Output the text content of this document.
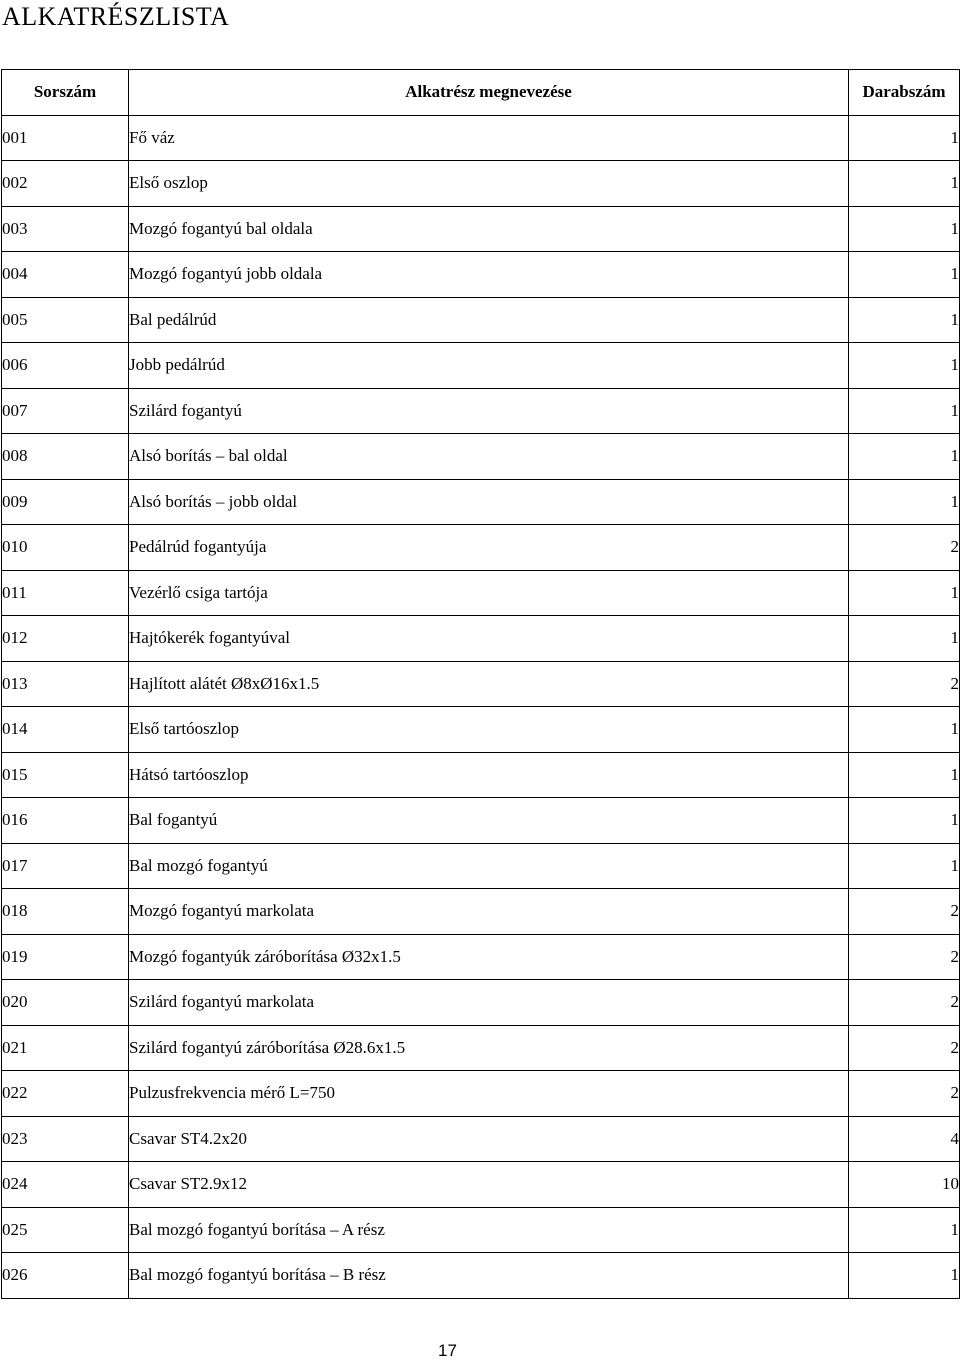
ALKATRÉSZLISTA
Sorszám	Alkatrész megnevezése	Darabszám
001	Fő váz	1
002	Első oszlop	1
003	Mozgó fogantyú bal oldala	1
004	Mozgó fogantyú jobb oldala	1
005	Bal pedálrúd	1
006	Jobb pedálrúd	1
007	Szilárd fogantyú	1
008	Alsó borítás – bal oldal	1
009	Alsó borítás – jobb oldal	1
010	Pedálrúd fogantyúja	2
011	Vezérlő csiga tartója	1
012	Hajtókerék fogantyúval	1
013	Hajlított alátét Ø8xØ16x1.5	2
014	Első tartóoszlop	1
015	Hátsó tartóoszlop	1
016	Bal fogantyú	1
017	Bal mozgó fogantyú	1
018	Mozgó fogantyú markolata	2
019	Mozgó fogantyúk záróborítása Ø32x1.5	2
020	Szilárd fogantyú markolata	2
021	Szilárd fogantyú záróborítása Ø28.6x1.5	2
022	Pulzusfrekvencia mérő L=750	2
023	Csavar ST4.2x20	4
024	Csavar ST2.9x12	10
025	Bal mozgó fogantyú borítása – A rész	1
026	Bal mozgó fogantyú borítása – B rész	1
17
